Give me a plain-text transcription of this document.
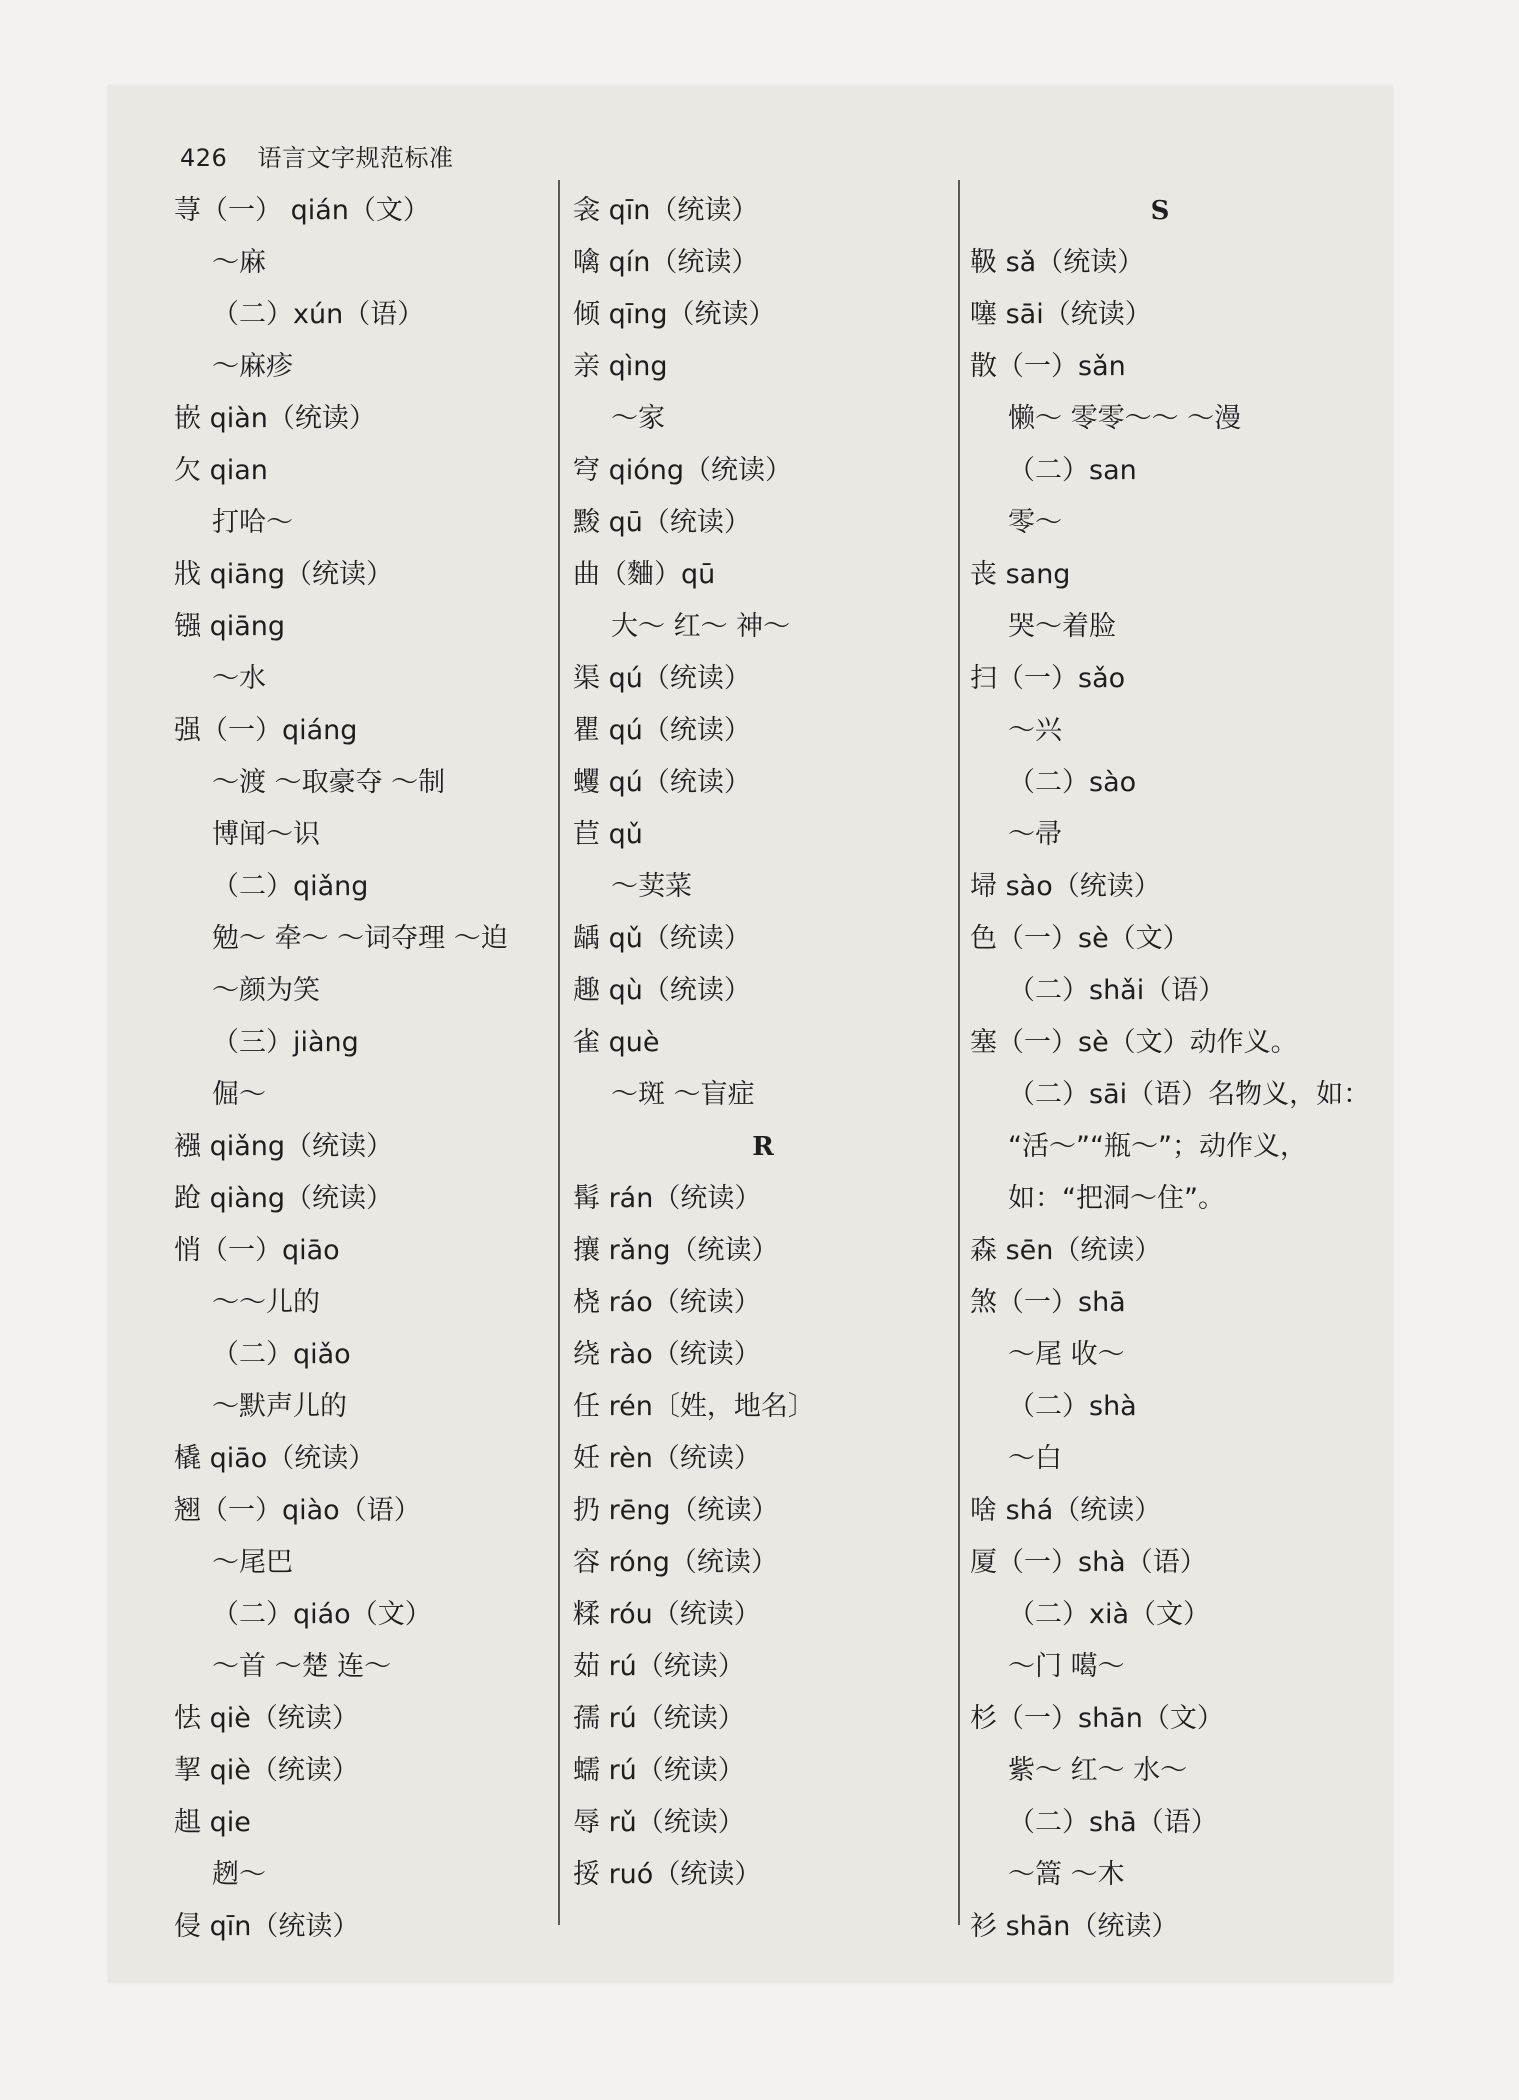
426 语言文字规范标准
荨（一） qián（文）
～麻
（二）xún（语）
～麻疹
嵌 qiàn（统读）
欠 qian
打哈～
戕 qiāng（统读）
镪 qiāng
～水
强（一）qiáng
～渡 ～取豪夺 ～制
博闻～识
（二）qiǎng
勉～ 牵～ ～词夺理 ～迫
～颜为笑
（三）jiàng
倔～
襁 qiǎng（统读）
跄 qiàng（统读）
悄（一）qiāo
～～儿的
（二）qiǎo
～默声儿的
橇 qiāo（统读）
翘（一）qiào（语）
～尾巴
（二）qiáo（文）
～首 ～楚 连～
怯 qiè（统读）
挈 qiè（统读）
趄 qie
趔～
侵 qīn（统读）
衾 qīn（统读）
噙 qín（统读）
倾 qīng（统读）
亲 qìng
～家
穹 qióng（统读）
黢 qū（统读）
曲（麯）qū
大～ 红～ 神～
渠 qú（统读）
瞿 qú（统读）
蠼 qú（统读）
苣 qǔ
～荬菜
龋 qǔ（统读）
趣 qù（统读）
雀 què
～斑 ～盲症
R
髯 rán（统读）
攘 rǎng（统读）
桡 ráo（统读）
绕 rào（统读）
任 rén〔姓，地名〕
妊 rèn（统读）
扔 rēng（统读）
容 róng（统读）
糅 róu（统读）
茹 rú（统读）
孺 rú（统读）
蠕 rú（统读）
辱 rǔ（统读）
挼 ruó（统读）
S
靸 sǎ（统读）
噻 sāi（统读）
散（一）sǎn
懒～ 零零～～ ～漫
（二）san
零～
丧 sang
哭～着脸
扫（一）sǎo
～兴
（二）sào
～帚
埽 sào（统读）
色（一）sè（文）
（二）shǎi（语）
塞（一）sè（文）动作义。
（二）sāi（语）名物义，如：
“活～”“瓶～”；动作义，
如：“把洞～住”。
森 sēn（统读）
煞（一）shā
～尾 收～
（二）shà
～白
啥 shá（统读）
厦（一）shà（语）
（二）xià（文）
～门 噶～
杉（一）shān（文）
紫～ 红～ 水～
（二）shā（语）
～篙 ～木
衫 shān（统读）
